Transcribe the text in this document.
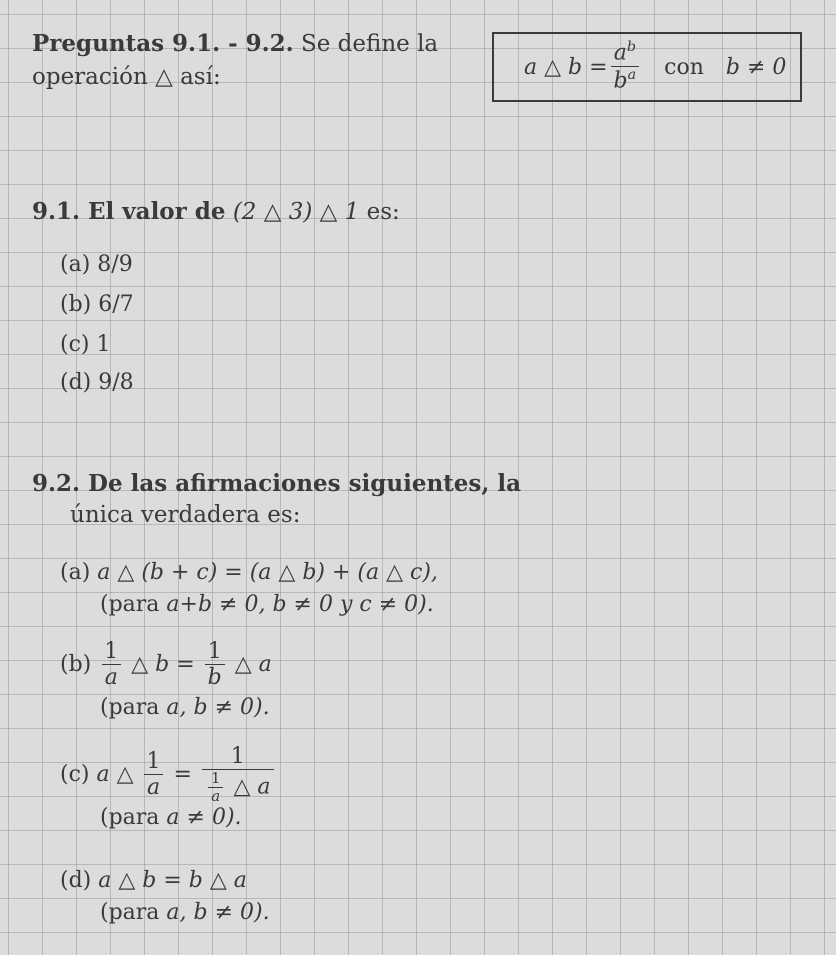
Preguntas 9.1. - 9.2. Se define la
operación △ así:	a △ $b = \frac{a^b}{b^a}$ con b ≠ 0
9.1. El valor de (2 △ 3) △ 1 es:
(a) 8/9
(b) 6/7
(c) 1
(d) 9/8
9.2. De las afirmaciones siguientes, la
única verdadera es:
(a) a △ (b + c) = (a △ b) + (a △ c),
(para a+b ≠ 0, b ≠ 0 y c ≠ 0).
$(b) \frac{1}{a}$ △ $b = \frac{1}{b}$ △ a
(para a, b ≠ 0).
(c) a △ $\frac{1}{a} = \frac{1}{\frac{1}{a} \triangle a}$
(para a ≠ 0).
(d) a △ b = b △ a
(para a, b ≠ 0).
